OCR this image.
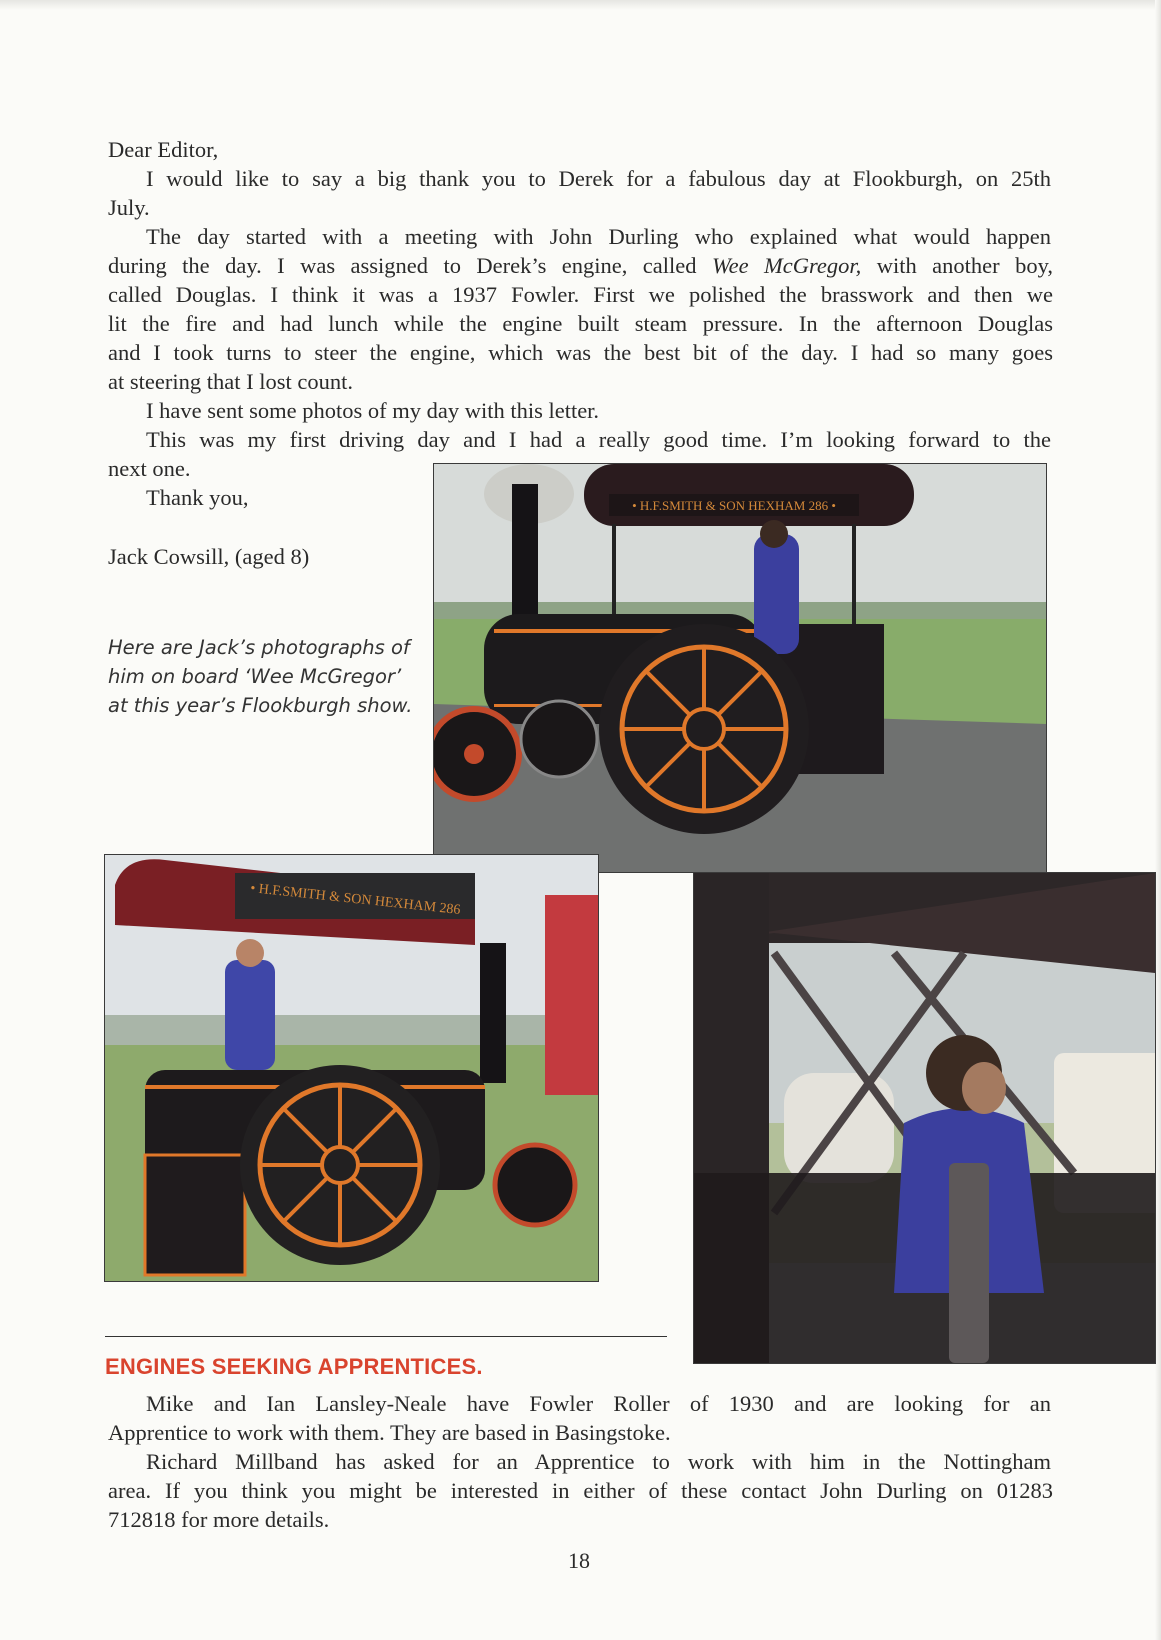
Dear Editor,
I would like to say a big thank you to Derek for a fabulous day at Flookburgh, on 25th
July.
The day started with a meeting with John Durling who explained what would happen
during the day. I was assigned to Derek’s engine, called Wee McGregor, with another boy,
called Douglas. I think it was a 1937 Fowler. First we polished the brasswork and then we
lit the fire and had lunch while the engine built steam pressure. In the afternoon Douglas
and I took turns to steer the engine, which was the best bit of the day. I had so many goes
at steering that I lost count.
I have sent some photos of my day with this letter.
This was my first driving day and I had a really good time. I’m looking forward to the
next one.
Thank you,
Jack Cowsill, (aged 8)
Here are Jack’s photographs of
him on board ‘Wee McGregor’
at this year’s Flookburgh show.
• H.F.SMITH & SON HEXHAM 286 •
• H.F.SMITH & SON HEXHAM 286
ENGINES SEEKING APPRENTICES.
Mike and Ian Lansley-Neale have Fowler Roller of 1930 and are looking for an
Apprentice to work with them. They are based in Basingstoke.
Richard Millband has asked for an Apprentice to work with him in the Nottingham
area. If you think you might be interested in either of these contact John Durling on 01283
712818 for more details.
18
